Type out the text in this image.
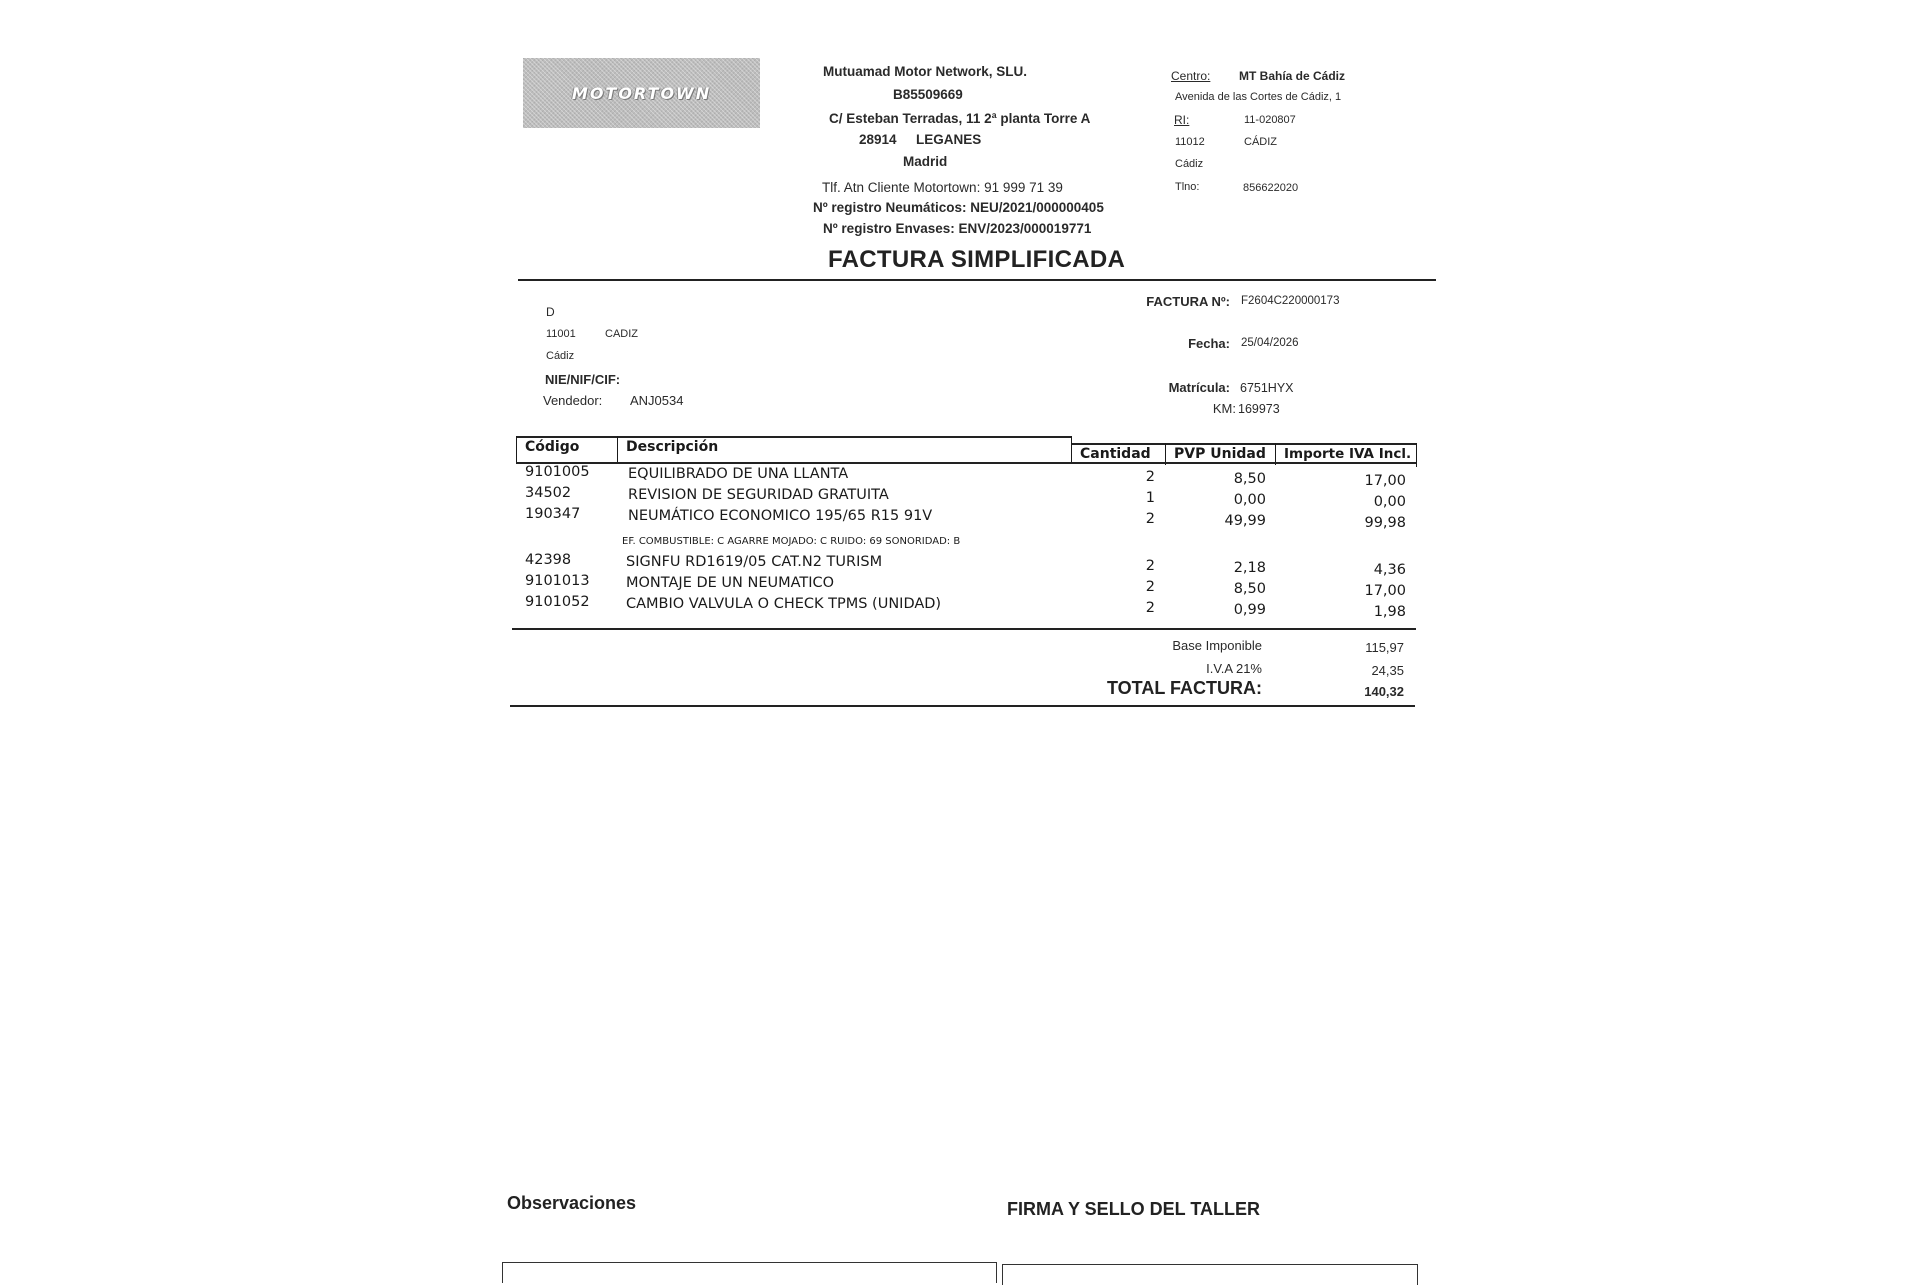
MOTORTOWN
Mutuamad Motor Network, SLU.
B85509669
C/ Esteban Terradas, 11 2ª planta Torre A
28914 LEGANES
Madrid
Tlf. Atn Cliente Motortown: 91 999 71 39
Nº registro Neumáticos: NEU/2021/000000405
Nº registro Envases: ENV/2023/000019771
Centro: MT Bahía de Cádiz
Avenida de las Cortes de Cádiz, 1
RI:	11-020807
11012	CÁDIZ
Cádiz
Tlno:	856622020
FACTURA SIMPLIFICADA
D
11001	CADIZ
Cádiz
NIE/NIF/CIF:
Vendedor: ANJ0534
FACTURA Nº: F2604C220000173
Fecha: 25/04/2026
Matrícula: 6751HYX
KM: 169973
Código	Descripción	Cantidad	PVP Unidad	Importe IVA Incl.
9101005	EQUILIBRADO DE UNA LLANTA	2	8,50	17,00
34502	REVISION DE SEGURIDAD GRATUITA	1	0,00	0,00
190347	NEUMÁTICO ECONOMICO 195/65 R15 91V	2	49,99	99,98
EF. COMBUSTIBLE: C AGARRE MOJADO: C RUIDO: 69 SONORIDAD: B
42398	SIGNFU RD1619/05 CAT.N2 TURISM	2	2,18	4,36
9101013	MONTAJE DE UN NEUMATICO	2	8,50	17,00
9101052	CAMBIO VALVULA O CHECK TPMS (UNIDAD)	2	0,99	1,98
Base Imponible	115,97
I.V.A 21%	24,35
TOTAL FACTURA:	140,32
Observaciones	FIRMA Y SELLO DEL TALLER
